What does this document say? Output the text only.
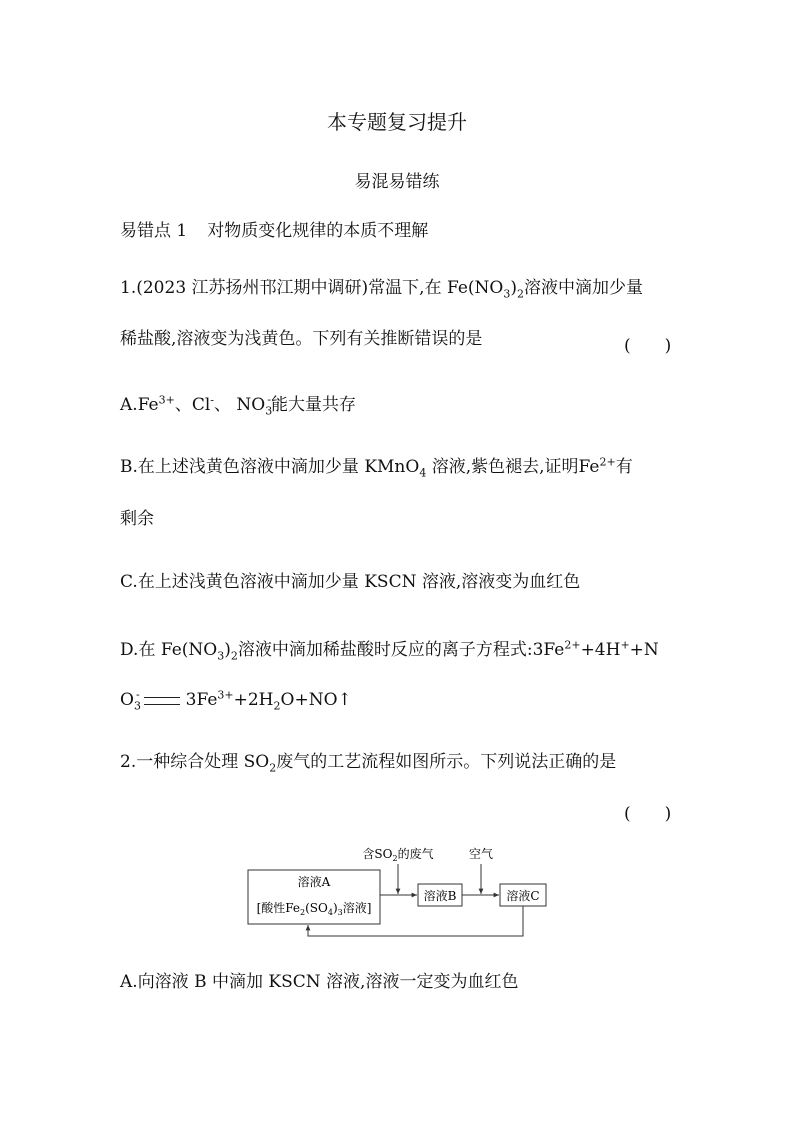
本专题复习提升
易混易错练
易错点 1 对物质变化规律的本质不理解
1.(2023 江苏扬州邗江期中调研)常温下,在 $Fe(NO_3)_2$溶液中滴加少量
稀盐酸,溶液变为浅黄色。下列有关推断错误的是	(　　)
$A.Fe^{3+}$、Cl-、 $NO_3^-$能大量共存
B.在上述浅黄色溶液中滴加少量 KMnO$_4$ 溶液,紫色褪去,证明$Fe^{2+}$有
剩余
C.在上述浅黄色溶液中滴加少量 KSCN 溶液,溶液变为血红色
D.在 $Fe(NO_3)_2$溶液中滴加稀盐酸时反应的离子方程式$:3Fe^{2+}+4H^++N$
$O_3^-$	$3Fe^{3+}+2H_2O+NO↑$
2.一种综合处理 $SO_2$废气的工艺流程如图所示。下列说法正确的是
(　　)
溶液A
[酸性$Fe_2(SO_4)_3$溶液]
溶液B	溶液C
含$SO_2$的废气	空气
A.向溶液 B 中滴加 KSCN 溶液,溶液一定变为血红色
